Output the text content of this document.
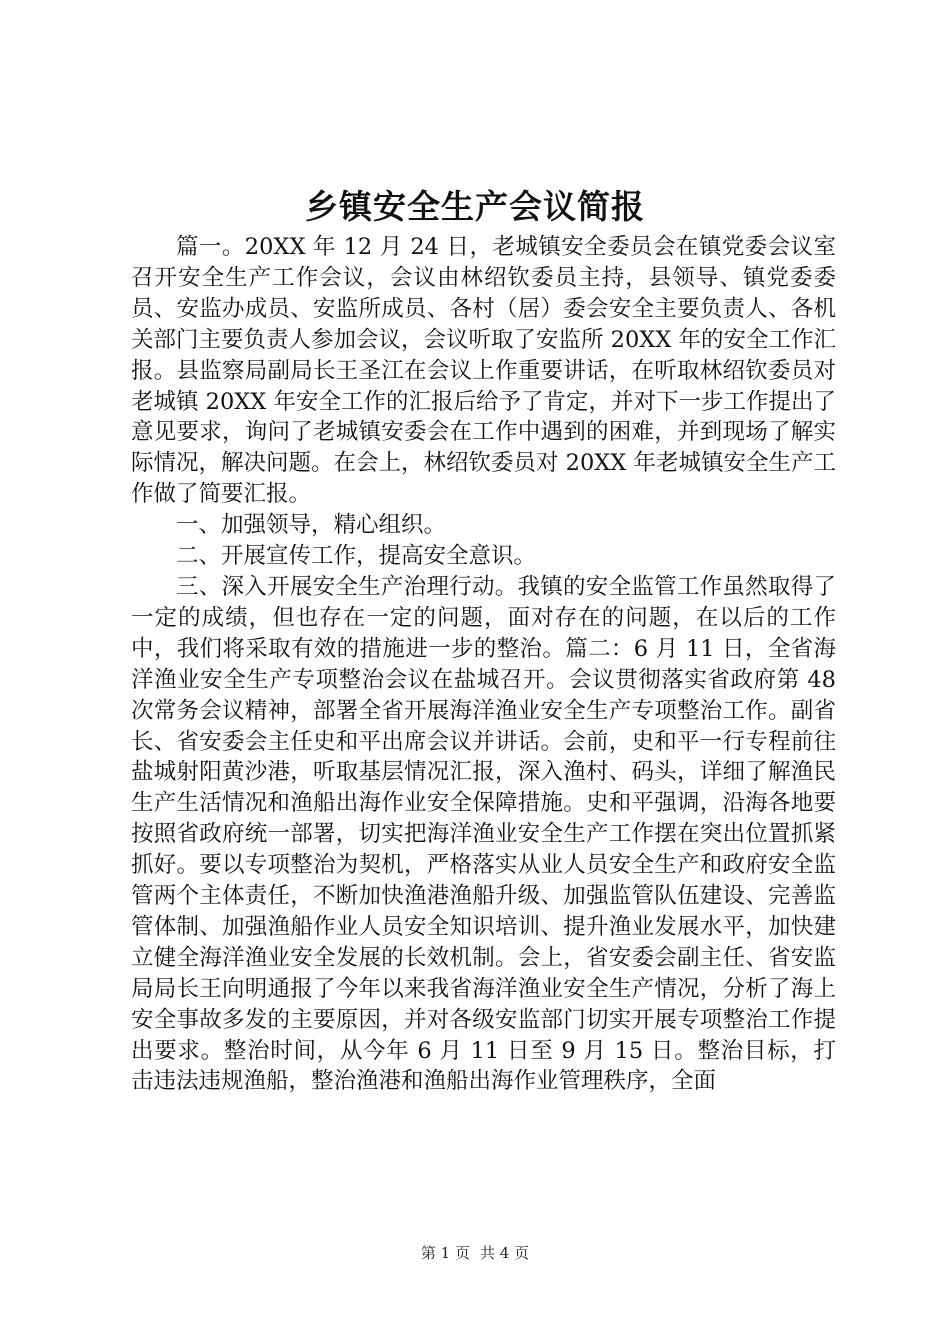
乡镇安全生产会议简报

篇一。20XX 年 12 月 24 日，老城镇安全委员会在镇党委会议室召开安全生产工作会议，会议由林绍钦委员主持，县领导、镇党委委员、安监办成员、安监所成员、各村（居）委会安全主要负责人、各机关部门主要负责人参加会议，会议听取了安监所 20XX 年的安全工作汇报。县监察局副局长王圣江在会议上作重要讲话，在听取林绍钦委员对老城镇 20XX 年安全工作的汇报后给予了肯定，并对下一步工作提出了意见要求，询问了老城镇安委会在工作中遇到的困难，并到现场了解实际情况，解决问题。在会上，林绍钦委员对 20XX 年老城镇安全生产工作做了简要汇报。

一、加强领导，精心组织。

二、开展宣传工作，提高安全意识。

三、深入开展安全生产治理行动。我镇的安全监管工作虽然取得了一定的成绩，但也存在一定的问题，面对存在的问题，在以后的工作中，我们将采取有效的措施进一步的整治。篇二：6 月 11 日，全省海洋渔业安全生产专项整治会议在盐城召开。会议贯彻落实省政府第 48 次常务会议精神，部署全省开展海洋渔业安全生产专项整治工作。副省长、省安委会主任史和平出席会议并讲话。会前，史和平一行专程前往盐城射阳黄沙港，听取基层情况汇报，深入渔村、码头，详细了解渔民生产生活情况和渔船出海作业安全保障措施。史和平强调，沿海各地要按照省政府统一部署，切实把海洋渔业安全生产工作摆在突出位置抓紧抓好。要以专项整治为契机，严格落实从业人员安全生产和政府安全监管两个主体责任，不断加快渔港渔船升级、加强监管队伍建设、完善监管体制、加强渔船作业人员安全知识培训、提升渔业发展水平，加快建立健全海洋渔业安全发展的长效机制。会上，省安委会副主任、省安监局局长王向明通报了今年以来我省海洋渔业安全生产情况，分析了海上安全事故多发的主要原因，并对各级安监部门切实开展专项整治工作提出要求。整治时间，从今年 6 月 11 日至 9 月 15 日。整治目标，打击违法违规渔船，整治渔港和渔船出海作业管理秩序，全面

第 1 页 共 4 页
